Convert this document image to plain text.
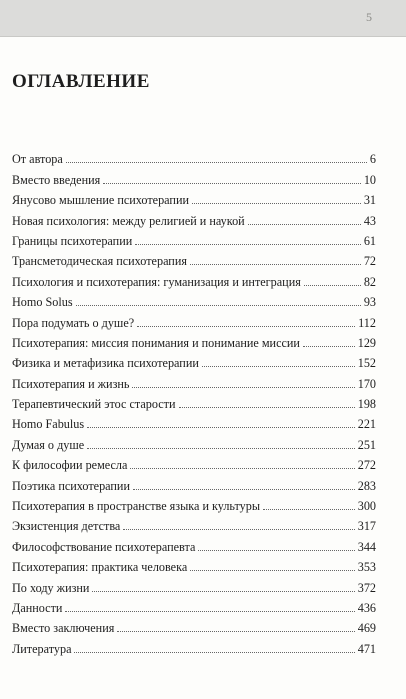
5
ОГЛАВЛЕНИЕ
От автора	6
Вместо введения	10
Янусово мышление психотерапии	31
Новая психология: между религией и наукой	43
Границы психотерапии	61
Трансметодическая психотерапия	72
Психология и психотерапия: гуманизация и интеграция	82
Homo Solus	93
Пора подумать о душе?	112
Психотерапия: миссия понимания и понимание миссии	129
Физика и метафизика психотерапии	152
Психотерапия и жизнь	170
Терапевтический этос старости	198
Homo Fabulus	221
Думая о душе	251
К философии ремесла	272
Поэтика психотерапии	283
Психотерапия в пространстве языка и культуры	300
Экзистенция детства	317
Философствование психотерапевта	344
Психотерапия: практика человека	353
По ходу жизни	372
Данности	436
Вместо заключения	469
Литература	471
